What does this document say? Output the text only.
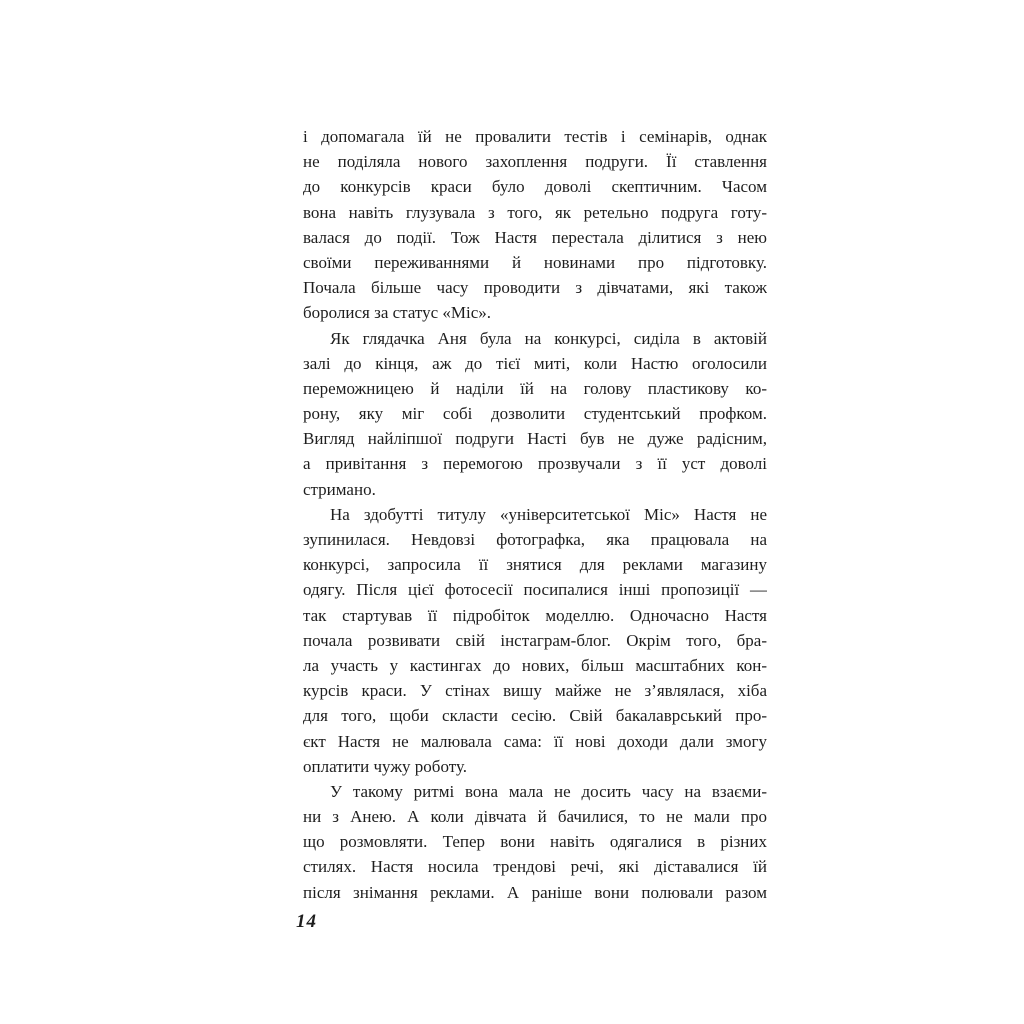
і допомагала їй не провалити тестів і семінарів, однак
не поділяла нового захоплення подруги. Її ставлення
до конкурсів краси було доволі скептичним. Часом
вона навіть глузувала з того, як ретельно подруга готу-
валася до події. Тож Настя перестала ділитися з нею
своїми переживаннями й новинами про підготовку.
Почала більше часу проводити з дівчатами, які також
боролися за статус «Міс».
Як глядачка Аня була на конкурсі, сиділа в актовій
залі до кінця, аж до тієї миті, коли Настю оголосили
переможницею й наділи їй на голову пластикову ко-
рону, яку міг собі дозволити студентський профком.
Вигляд найліпшої подруги Насті був не дуже радісним,
а привітання з перемогою прозвучали з її уст доволі
стримано.
На здобутті титулу «університетської Міс» Настя не
зупинилася. Невдовзі фотографка, яка працювала на
конкурсі, запросила її знятися для реклами магазину
одягу. Після цієї фотосесії посипалися інші пропозиції —
так стартував її підробіток моделлю. Одночасно Настя
почала розвивати свій інстаграм-блог. Окрім того, бра-
ла участь у кастингах до нових, більш масштабних кон-
курсів краси. У стінах вишу майже не з’являлася, хіба
для того, щоби скласти сесію. Свій бакалаврський про-
єкт Настя не малювала сама: її нові доходи дали змогу
оплатити чужу роботу.
У такому ритмі вона мала не досить часу на взаєми-
ни з Анею. А коли дівчата й бачилися, то не мали про
що розмовляти. Тепер вони навіть одягалися в різних
стилях. Настя носила трендові речі, які діставалися їй
після знімання реклами. А раніше вони полювали разом
14
